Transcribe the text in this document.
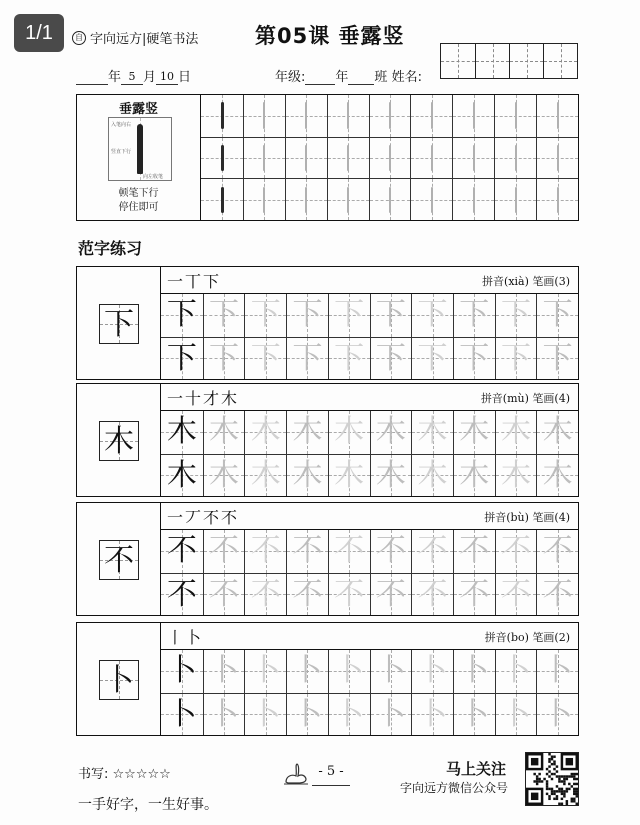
1/1	自 字向远方|硬笔书法	第05课 垂露竖
年 5 月 10 日	年级: 年 班 姓名:
垂露竖
入笔向右
竖直下行
向左收笔
顿笔下行
停住即可
范字练习
下
一丅下	拼音(xià) 笔画(3)
下 下 下 下 下 下 下 下 下 下
下 下 下 下 下 下 下 下 下 下
木
一十才木	拼音(mù) 笔画(4)
木 木 木 木 木 木 木 木 木 木
木 木 木 木 木 木 木 木 木 木
不
一丆不不	拼音(bù) 笔画(4)
不 不 不 不 不 不 不 不 不 不
不 不 不 不 不 不 不 不 不 不
卜
丨卜	拼音(bo) 笔画(2)
卜 卜 卜 卜 卜 卜 卜 卜 卜 卜
卜 卜 卜 卜 卜 卜 卜 卜 卜 卜
书写: ☆☆☆☆☆
一手好字，一生好事。
- 5 -	马上关注
字向远方微信公众号
